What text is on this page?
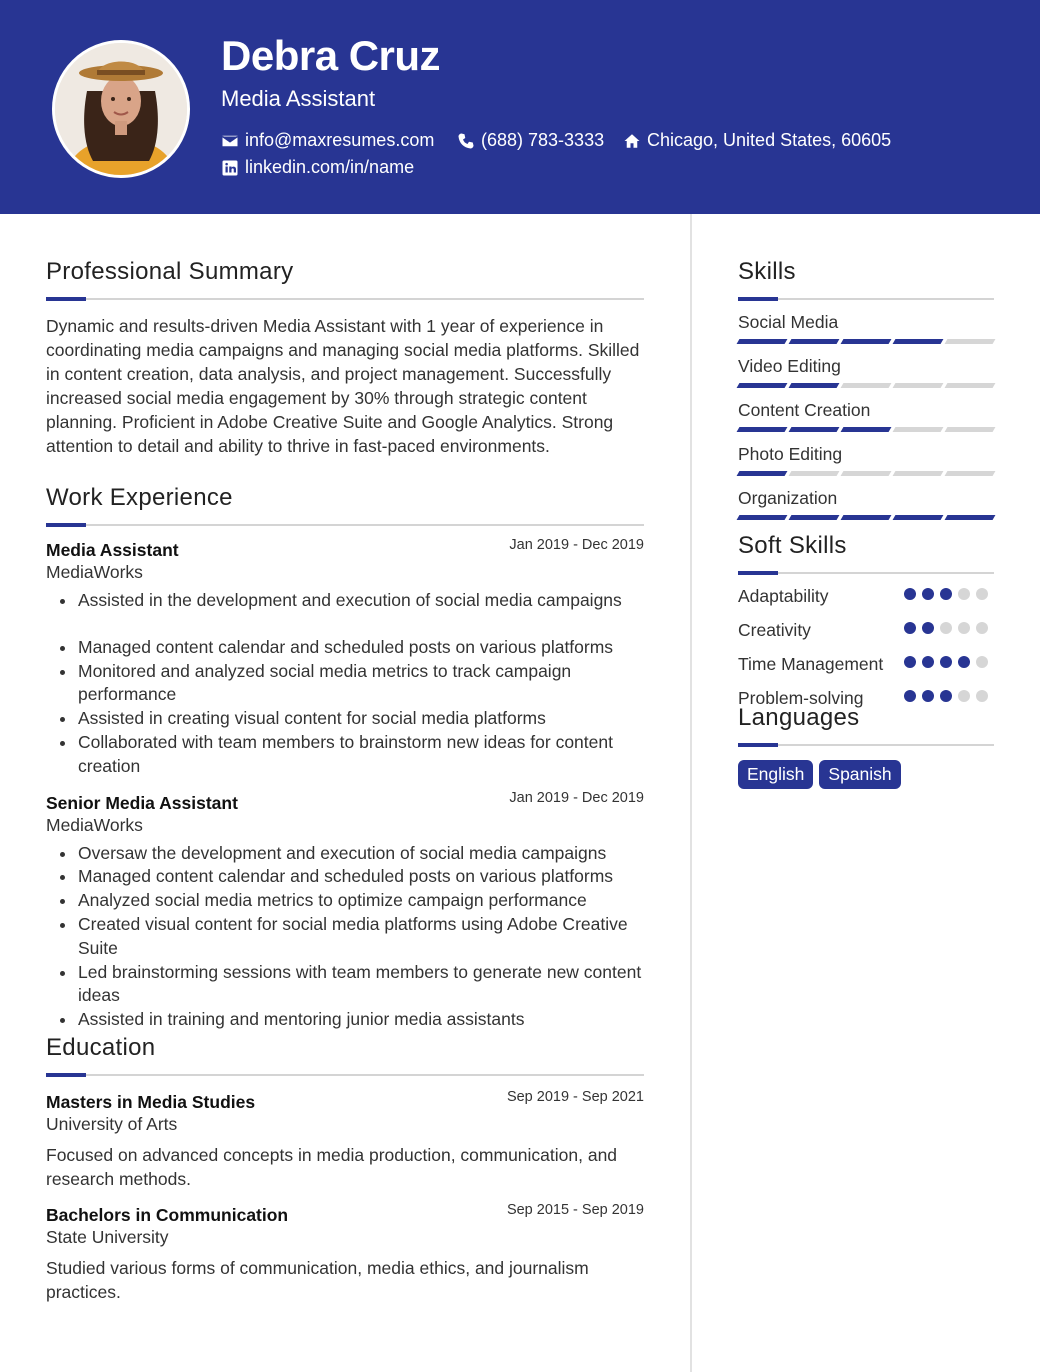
Debra Cruz
Media Assistant
info@maxresumes.com	(688) 783-3333 Chicago, United States, 60605
linkedin.com/in/name
Professional Summary

Dynamic and results-driven Media Assistant with 1 year of experience in coordinating media campaigns and managing social media platforms. Skilled in content creation, data analysis, and project management. Successfully increased social media engagement by 30% through strategic content planning. Proficient in Adobe Creative Suite and Google Analytics. Strong attention to detail and ability to thrive in fast-paced environments.

Work Experience
Media Assistant	Jan 2019 - Dec 2019
MediaWorks
Assisted in the development and execution of social media campaigns
Managed content calendar and scheduled posts on various platforms
Monitored and analyzed social media metrics to track campaign performance
Assisted in creating visual content for social media platforms
Collaborated with team members to brainstorm new ideas for content creation
Senior Media Assistant	Jan 2019 - Dec 2019
MediaWorks
Oversaw the development and execution of social media campaigns
Managed content calendar and scheduled posts on various platforms
Analyzed social media metrics to optimize campaign performance
Created visual content for social media platforms using Adobe Creative Suite
Led brainstorming sessions with team members to generate new content ideas
Assisted in training and mentoring junior media assistants
Education
Masters in Media Studies	Sep 2019 - Sep 2021
University of Arts

Focused on advanced concepts in media production, communication, and research methods.

Bachelors in Communication	Sep 2015 - Sep 2019
State University

Studied various forms of communication, media ethics, and journalism practices.

Skills
Social Media
Video Editing
Content Creation
Photo Editing
Organization
Soft Skills
Adaptability
Creativity
Time Management
Problem-solving
Languages
English	Spanish
